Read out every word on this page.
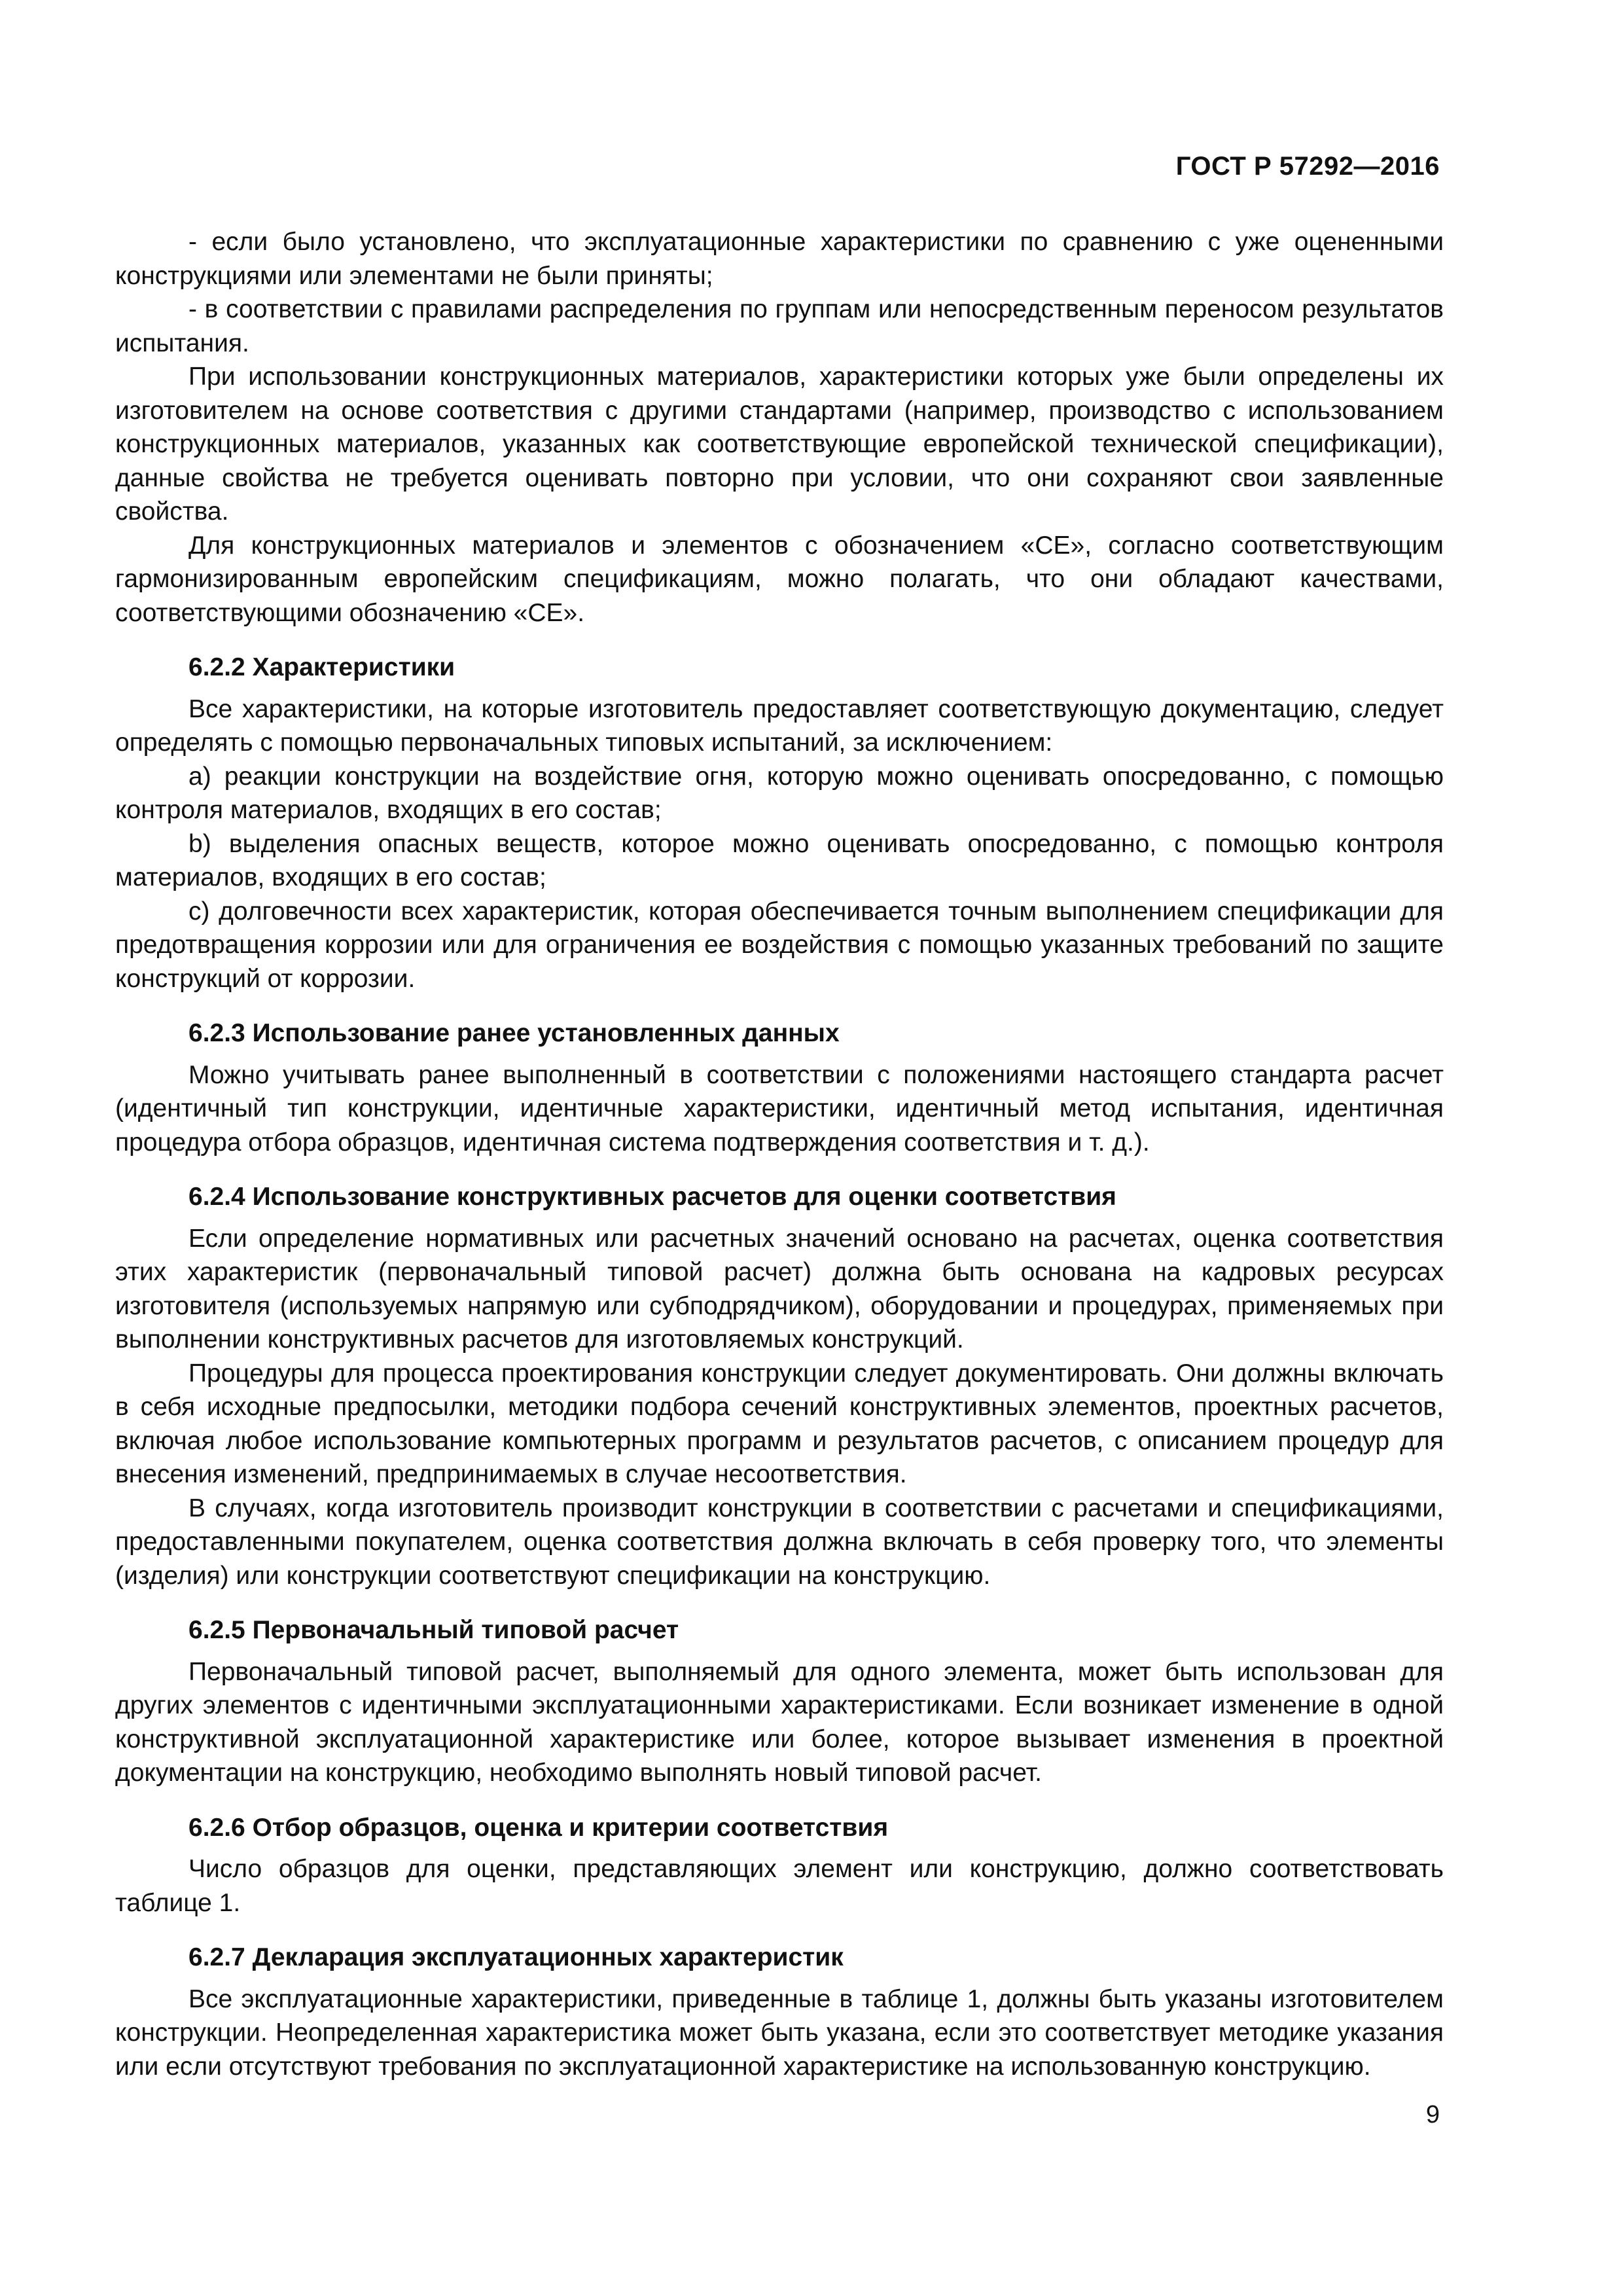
ГОСТ Р 57292—2016

- если было установлено, что эксплуатационные характеристики по сравнению с уже оцененными конструкциями или элементами не были приняты;

- в соответствии с правилами распределения по группам или непосредственным переносом результатов испытания.

При использовании конструкционных материалов, характеристики которых уже были определены их изготовителем на основе соответствия с другими стандартами (например, производство с использованием конструкционных материалов, указанных как соответствующие европейской технической спецификации), данные свойства не требуется оценивать повторно при условии, что они сохраняют свои заявленные свойства.

Для конструкционных материалов и элементов с обозначением «СЕ», согласно соответствующим гармонизированным европейским спецификациям, можно полагать, что они обладают качествами, соответствующими обозначению «СЕ».

6.2.2 Характеристики

Все характеристики, на которые изготовитель предоставляет соответствующую документацию, следует определять с помощью первоначальных типовых испытаний, за исключением:

a) реакции конструкции на воздействие огня, которую можно оценивать опосредованно, с помощью контроля материалов, входящих в его состав;

b) выделения опасных веществ, которое можно оценивать опосредованно, с помощью контроля материалов, входящих в его состав;

c) долговечности всех характеристик, которая обеспечивается точным выполнением спецификации для предотвращения коррозии или для ограничения ее воздействия с помощью указанных требований по защите конструкций от коррозии.

6.2.3 Использование ранее установленных данных

Можно учитывать ранее выполненный в соответствии с положениями настоящего стандарта расчет (идентичный тип конструкции, идентичные характеристики, идентичный метод испытания, идентичная процедура отбора образцов, идентичная система подтверждения соответствия и т. д.).

6.2.4 Использование конструктивных расчетов для оценки соответствия

Если определение нормативных или расчетных значений основано на расчетах, оценка соответствия этих характеристик (первоначальный типовой расчет) должна быть основана на кадровых ресурсах изготовителя (используемых напрямую или субподрядчиком), оборудовании и процедурах, применяемых при выполнении конструктивных расчетов для изготовляемых конструкций.

Процедуры для процесса проектирования конструкции следует документировать. Они должны включать в себя исходные предпосылки, методики подбора сечений конструктивных элементов, проектных расчетов, включая любое использование компьютерных программ и результатов расчетов, с описанием процедур для внесения изменений, предпринимаемых в случае несоответствия.

В случаях, когда изготовитель производит конструкции в соответствии с расчетами и спецификациями, предоставленными покупателем, оценка соответствия должна включать в себя проверку того, что элементы (изделия) или конструкции соответствуют спецификации на конструкцию.

6.2.5 Первоначальный типовой расчет

Первоначальный типовой расчет, выполняемый для одного элемента, может быть использован для других элементов с идентичными эксплуатационными характеристиками. Если возникает изменение в одной конструктивной эксплуатационной характеристике или более, которое вызывает изменения в проектной документации на конструкцию, необходимо выполнять новый типовой расчет.

6.2.6 Отбор образцов, оценка и критерии соответствия

Число образцов для оценки, представляющих элемент или конструкцию, должно соответствовать таблице 1.

6.2.7 Декларация эксплуатационных характеристик

Все эксплуатационные характеристики, приведенные в таблице 1, должны быть указаны изготовителем конструкции. Неопределенная характеристика может быть указана, если это соответствует методике указания или если отсутствуют требования по эксплуатационной характеристике на использованную конструкцию.

9
